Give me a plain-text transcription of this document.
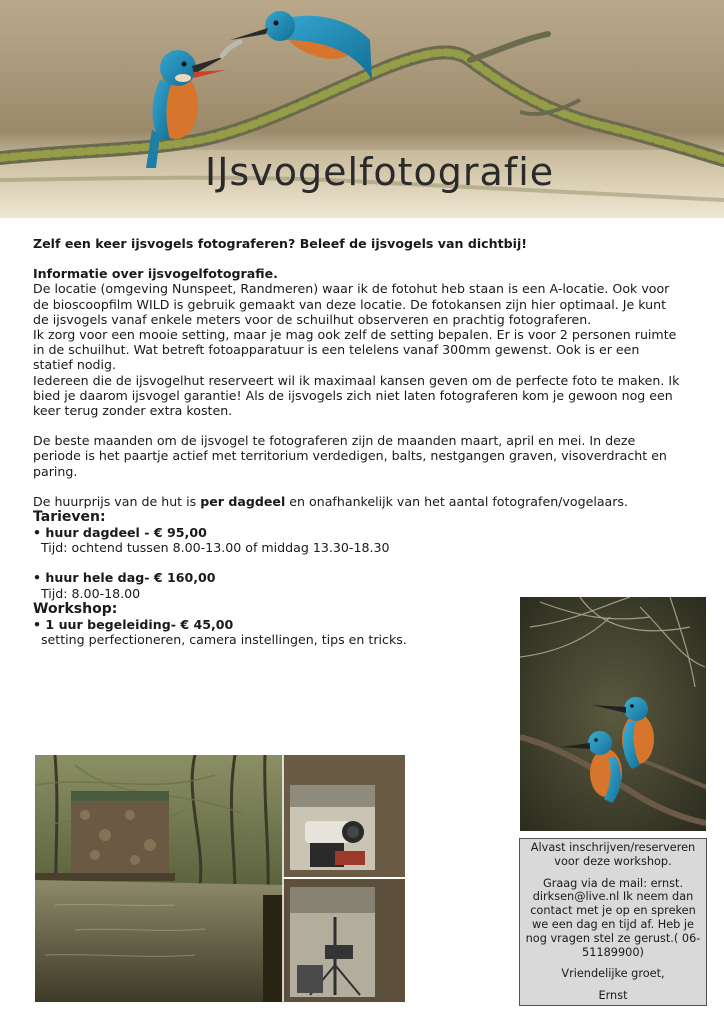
IJsvogelfotografie

Zelf een keer ijsvogels fotograferen? Beleef de ijsvogels van dichtbij!

Informatie over ijsvogelfotografie.

De locatie (omgeving Nunspeet, Randmeren) waar ik de fotohut heb staan is een A-locatie. Ook voor de bioscoopfilm WILD is gebruik gemaakt van deze locatie. De fotokansen zijn hier optimaal. Je kunt de ijsvogels vanaf enkele meters voor de schuilhut observeren en prachtig fotograferen.

Ik zorg voor een mooie setting, maar je mag ook zelf de setting bepalen. Er is voor 2 personen ruimte in de schuilhut. Wat betreft fotoapparatuur is een telelens vanaf 300mm gewenst. Ook is er een statief nodig.

Iedereen die de ijsvogelhut reserveert wil ik maximaal kansen geven om de perfecte foto te maken. Ik bied je daarom ijsvogel garantie! Als de ijsvogels zich niet laten fotograferen kom je gewoon nog een keer terug zonder extra kosten.

De beste maanden om de ijsvogel te fotograferen zijn de maanden maart, april en mei. In deze periode is het paartje actief met territorium verdedigen, balts, nestgangen graven, visoverdracht en paring.

De huurprijs van de hut is per dagdeel en onafhankelijk van het aantal fotografen/vogelaars.

Tarieven:

• huur dagdeel - € 95,00

Tijd: ochtend tussen 8.00-13.00 of middag 13.30-18.30

• huur hele dag- € 160,00

Tijd: 8.00-18.00

Workshop:

• 1 uur begeleiding- € 45,00

setting perfectioneren, camera instellingen, tips en tricks.

Alvast inschrijven/reserveren voor deze workshop.

Graag via de mail: ernst. dirksen@live.nl Ik neem dan contact met je op en spreken we een dag en tijd af. Heb je nog vragen stel ze gerust.( 06-51189900)

Vriendelijke groet,

Ernst
